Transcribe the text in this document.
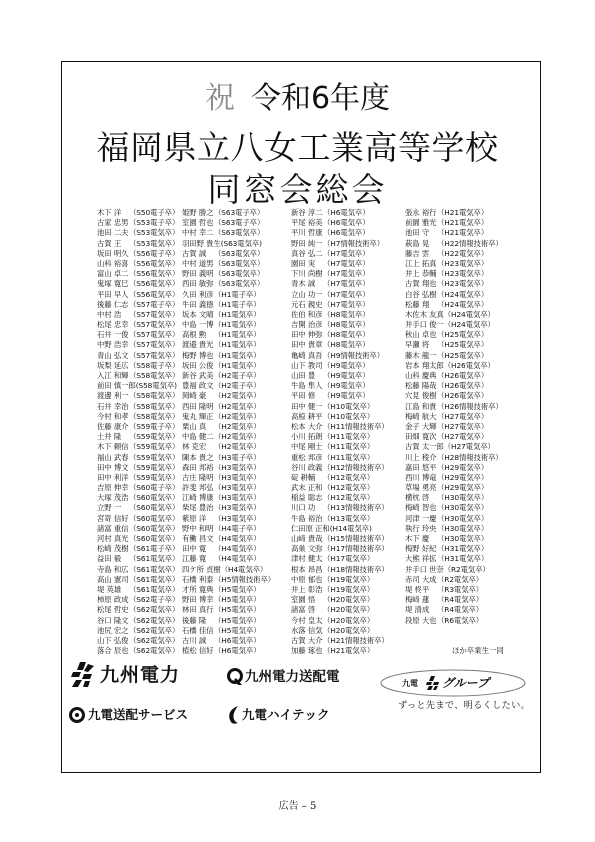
祝 令和6年度
福岡県立八女工業高等学校
同窓会総会
木下 洋 （S50電子卒）
古家 忠男（S53電子卒）
池田 二夫（S53電気卒）
古賀 王 （S53電気卒）
坂田 明久（S56電子卒）
山科 裕喜（S56電気卒）
富山 卓二（S56電気卒）
鬼塚 寛巳（S56電気卒）
平田 早人（S56電気卒）
後藤 仁志（S57電子卒）
中村 浩 （S57電気卒）
松尾 忠幸（S57電気卒）
石井 一俊（S57電気卒）
中野 浩幸（S57電気卒）
青山 弘文（S57電気卒）
坂梨 延広（S58電子卒）
入江 和輝（S58電気卒）
前田 慎一郎(S58電気卒)
渡邊 利一（S58電気卒）
石井 幸治（S58電気卒）
今村 和孝（S58電気卒）
佐藤 康介（S59電子卒）
土井 隆 （S59電気卒）
木下 頼信（S59電気卒）
福山 武春（S59電気卒）
田中 博文（S59電気卒）
田中 利洋（S59電気卒）
吉原 伸幸（S60電子卒）
大塚 茂浩（S60電気卒）
立野 一 （S60電気卒）
宮嵜 信好（S60電気卒）
諸富 重信（S60電気卒）
河村 真光（S60電気卒）
松崎 茂樹（S61電子卒）
益田 毅 （S61電気卒）
寺島 和広（S61電気卒）
高山 憲司（S61電気卒）
堤 英雄 （S61電気卒）
柿原 政成（S62電子卒）
松尾 哲史（S62電気卒）
谷口 隆文（S62電気卒）
池尻 宏之（S62電気卒）
山下 弘俊（S62電気卒）
落合 辰也（S62電気卒）
姫野 勝之（S63電子卒）
室園 哲也（S63電子卒）
中村 幸二（S63電気卒）
羽田野 貴生(S63電気卒)
古賀 誠 （S63電気卒）
中村 道男（S63電気卒）
野田 義明（S63電気卒）
西田 敏弥（S63電気卒）
久田 利彦（H1電子卒）
牛田 義徳（H1電子卒）
坂本 文晴（H1電気卒）
中島 一博（H1電気卒）
高根 勲 （H1電気卒）
渡邉 貴光（H1電気卒）
梅野 博也（H1電気卒）
坂田 公俊（H1電気卒）
新谷 武美（H2電子卒）
豊福 政文（H2電子卒）
岡崎 豪 （H2電気卒）
西田 隆明（H2電気卒）
鬼丸 輝正（H2電気卒）
栗山 真 （H2電気卒）
中島 健二（H2電気卒）
林 克宏 （H2電気卒）
陳本 貴之（H3電子卒）
森田 邦裕（H3電気卒）
古庄 隆明（H3電気卒）
許斐 邦弘（H3電気卒）
江崎 博康（H3電気卒）
柴尾 豊治（H3電気卒）
紫原 洋 （H3電気卒）
野中 和明（H4電子卒）
有働 昌文（H4電気卒）
田中 寛 （H4電気卒）
江藤 寛 （H4電気卒）
四ケ所 貞樹（H4電気卒）
石橋 利泰（H5情報技術卒）
才所 寛典（H5電気卒）
野田 博幸（H5電気卒）
林田 真行（H5電気卒）
後藤 隆 （H5電気卒）
石橋 佳信（H5電気卒）
古川 誠 （H6電気卒）
植松 信好（H6電気卒）
新谷 淳二（H6電気卒）
平尾 裕美（H6電気卒）
平川 哲康（H6電気卒）
野田 純一（H7情報技術卒）
真谷 弘二（H7電気卒）
園田 実 （H7電気卒）
下川 尚樹（H7電気卒）
青木 誠 （H7電気卒）
立山 功一（H7電気卒）
元石 親史（H7電気卒）
佐伯 和彦（H8電気卒）
吉開 治彦（H8電気卒）
田中 伸弥（H8電気卒）
田中 貴章（H8電気卒）
亀崎 真吾（H9情報技術卒）
山下 教司（H9電気卒）
山田 豊 （H9電気卒）
牛島 隼人（H9電気卒）
平田 修 （H9電気卒）
田中 健一（H10電気卒）
高椋 耕平（H10電気卒）
松本 大介（H11情報技術卒）
小川 拓朗（H11電気卒）
中尾 剛士（H11電気卒）
重松 邦彦（H11電気卒）
谷川 政義（H12情報技術卒）
碇 耕輔 （H12電気卒）
武末 正和（H12電気卒）
稲益 聡志（H12電気卒）
川口 功 （H13情報技術卒）
牛島 裕治（H13電気卒）
仁田原 正和(H14電気卒)
山﨑 貴哉（H15情報技術卒）
高巣 文弥（H17情報技術卒）
津村 健太（H17電気卒）
根本 昂昌（H18情報技術卒）
中原 郁也（H19電気卒）
井上 彰浩（H19電気卒）
室園 悟 （H20電気卒）
諸富 啓 （H20電気卒）
今村 皇太（H20電気卒）
水落 信気（H20電気卒）
古賀 大介（H21情報技術卒）
加藤 琢也（H21電気卒）
張永 裕行（H21電気卒）
前園 雅光（H21電気卒）
池田 守 （H21電気卒）
萩島 晃 （H22情報技術卒）
藤吉 雲 （H22電気卒）
江上 拓真（H23電気卒）
井上 恭輔（H23電気卒）
古賀 翔也（H23電気卒）
白谷 弘樹（H24電気卒）
松藤 翔 （H24電気卒）
木佐木 友真（H24電気卒）
井手口 俊一（H24電気卒）
秋山 卓也（H25電気卒）
早瀬 将 （H25電気卒）
藤木 龍一（H25電気卒）
岩本 翔太郎（H26電気卒）
山科 慶典（H26電気卒）
松藤 陽哉（H26電気卒）
穴見 俊樹（H26電気卒）
江島 和貴（H26情報技術卒）
梅崎 航大（H27電気卒）
金子 大輝（H27電気卒）
田畑 寛次（H27電気卒）
古賀 太一郎（H27電気卒）
川上 稜介（H28情報技術卒）
嘉田 悠平（H29電気卒）
西川 博竜（H29電気卒）
草場 勇亮（H29電気卒）
横枕 啓 （H30電気卒）
梅崎 智也（H30電気卒）
河津 一慶（H30電気卒）
執行 玲央（H30電気卒）
木下 慶 （H30電気卒）
梅野 好紀（H31電気卒）
大熊 祥拡（H31電気卒）
井手口 世奈（R2電気卒）
赤司 大成（R2電気卒）
堤 柊平 （R3電気卒）
梅﨑 蓮 （R4電気卒）
堤 清成 （R4電気卒）
段原 大也（R6電気卒）
ほか卒業生一同
九州電力	九州電力送配電	九電 グループ
ずっと先まで、明るくしたい。
九電送配サービス	九電ハイテック
広告 – 5
